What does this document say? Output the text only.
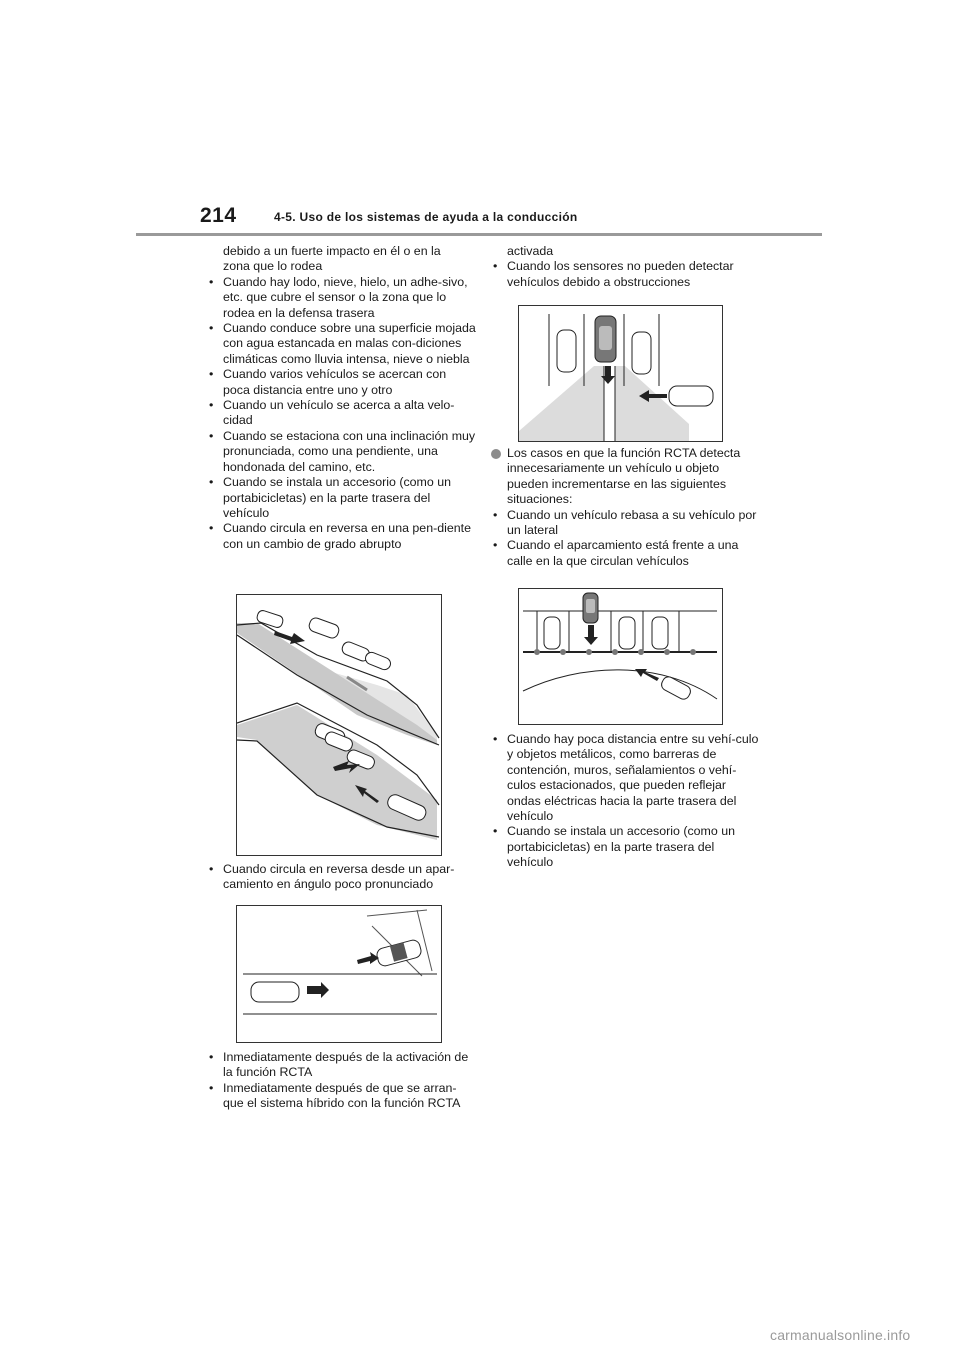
214	4-5. Uso de los sistemas de ayuda a la conducción

debido a un fuerte impacto en él o en la

zona que lo rodea

• Cuando hay lodo, nieve, hielo, un adhe-sivo, etc. que cubre el sensor o la zona que lo rodea en la defensa trasera

• Cuando conduce sobre una superficie mojada con agua estancada en malas con-diciones climáticas como lluvia intensa, nieve o niebla

• Cuando varios vehículos se acercan con poca distancia entre uno y otro

• Cuando un vehículo se acerca a alta velo-cidad

• Cuando se estaciona con una inclinación muy pronunciada, como una pendiente, una hondonada del camino, etc.

• Cuando se instala un accesorio (como un portabicicletas) en la parte trasera del vehículo

• Cuando circula en reversa en una pen-diente con un cambio de grado abrupto

• Cuando circula en reversa desde un apar-camiento en ángulo poco pronunciado

• Inmediatamente después de la activación de la función RCTA

• Inmediatamente después de que se arran-que el sistema híbrido con la función RCTA

activada

• Cuando los sensores no pueden detectar vehículos debido a obstrucciones

Los casos en que la función RCTA detecta innecesariamente un vehículo u objeto pueden incrementarse en las siguientes situaciones:

• Cuando un vehículo rebasa a su vehículo por un lateral

• Cuando el aparcamiento está frente a una calle en la que circulan vehículos

• Cuando hay poca distancia entre su vehí-culo y objetos metálicos, como barreras de contención, muros, señalamientos o vehí-culos estacionados, que pueden reflejar ondas eléctricas hacia la parte trasera del vehículo

• Cuando se instala un accesorio (como un portabicicletas) en la parte trasera del vehículo

carmanualsonline.info
